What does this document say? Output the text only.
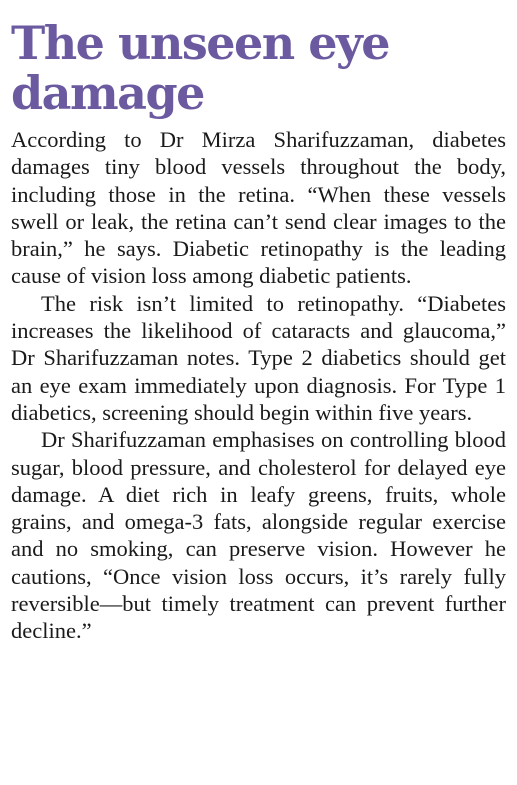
The unseen eye damage

According to Dr Mirza Sharifuzzaman, diabetes damages tiny blood vessels throughout the body, including those in the retina. “When these vessels swell or leak, the retina can’t send clear images to the brain,” he says. Diabetic retinopathy is the leading cause of vision loss among diabetic patients.

The risk isn’t limited to retinopathy. “Diabetes increases the likelihood of cataracts and glaucoma,” Dr Sharifuzzaman notes. Type 2 diabetics should get an eye exam immediately upon diagnosis. For Type 1 diabetics, screening should begin within five years.

Dr Sharifuzzaman emphasises on controlling blood sugar, blood pressure, and cholesterol for delayed eye damage. A diet rich in leafy greens, fruits, whole grains, and omega-3 fats, alongside regular exercise and no smoking, can preserve vision. However he cautions, “Once vision loss occurs, it’s rarely fully reversible—but timely treatment can prevent further decline.”
